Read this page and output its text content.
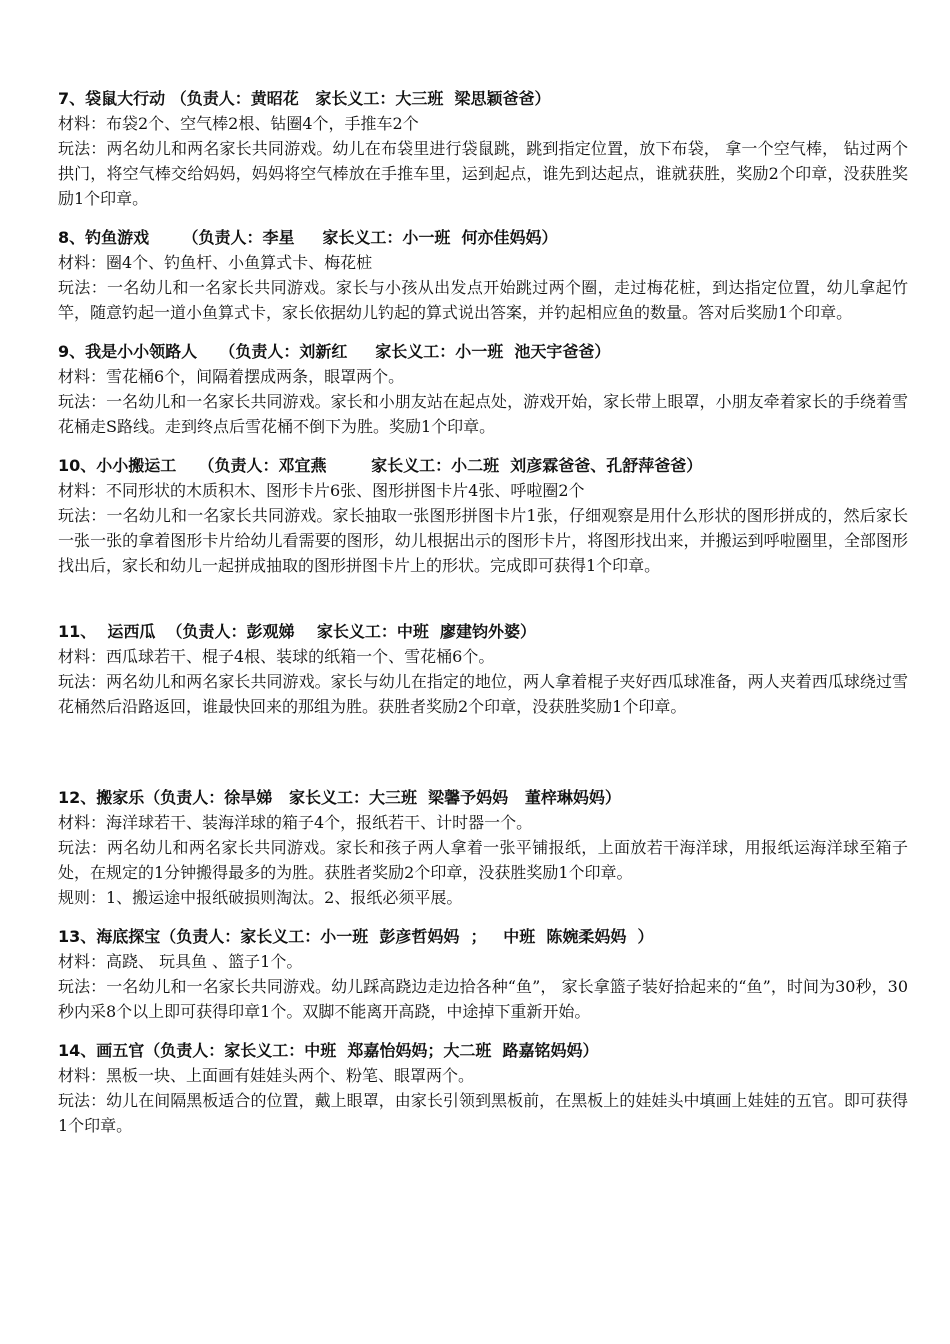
7、袋鼠大行动 （负责人：黄昭花   家长义工：大三班  梁思颖爸爸）
材料：布袋2个、空气棒2根、钻圈4个，手推车2个
玩法：两名幼儿和两名家长共同游戏。幼儿在布袋里进行袋鼠跳，跳到指定位置，放下布袋， 拿一个空气棒， 钻过两个拱门，将空气棒交给妈妈，妈妈将空气棒放在手推车里，运到起点，谁先到达起点，谁就获胜，奖励2个印章，没获胜奖励1个印章。
8、钓鱼游戏      （负责人：李星     家长义工：小一班  何亦佳妈妈）
材料：圈4个、钓鱼杆、小鱼算式卡、梅花桩
玩法：一名幼儿和一名家长共同游戏。家长与小孩从出发点开始跳过两个圈，走过梅花桩，到达指定位置，幼儿拿起竹竿，随意钓起一道小鱼算式卡，家长依据幼儿钓起的算式说出答案，并钓起相应鱼的数量。答对后奖励1个印章。
9、我是小小领路人    （负责人：刘新红     家长义工：小一班  池天宇爸爸）
材料：雪花桶6个，间隔着摆成两条，眼罩两个。
玩法：一名幼儿和一名家长共同游戏。家长和小朋友站在起点处，游戏开始，家长带上眼罩，小朋友牵着家长的手绕着雪花桶走S路线。走到终点后雪花桶不倒下为胜。奖励1个印章。
10、小小搬运工    （负责人：邓宜燕        家长义工：小二班  刘彦霖爸爸、孔舒萍爸爸）
材料：不同形状的木质积木、图形卡片6张、图形拼图卡片4张、呼啦圈2个
玩法：一名幼儿和一名家长共同游戏。家长抽取一张图形拼图卡片1张，仔细观察是用什么形状的图形拼成的，然后家长一张一张的拿着图形卡片给幼儿看需要的图形，幼儿根据出示的图形卡片，将图形找出来，并搬运到呼啦圈里，全部图形找出后，家长和幼儿一起拼成抽取的图形拼图卡片上的形状。完成即可获得1个印章。
11、  运西瓜  （负责人：彭观娣    家长义工：中班  廖建钧外婆）
材料：西瓜球若干、棍子4根、装球的纸箱一个、雪花桶6个。
玩法：两名幼儿和两名家长共同游戏。家长与幼儿在指定的地位，两人拿着棍子夹好西瓜球准备，两人夹着西瓜球绕过雪花桶然后沿路返回，谁最快回来的那组为胜。获胜者奖励2个印章，没获胜奖励1个印章。
12、搬家乐（负责人：徐旱娣   家长义工：大三班  梁馨予妈妈   董梓琳妈妈）
材料：海洋球若干、装海洋球的箱子4个，报纸若干、计时器一个。
玩法：两名幼儿和两名家长共同游戏。家长和孩子两人拿着一张平铺报纸，上面放若干海洋球，用报纸运海洋球至箱子处，在规定的1分钟搬得最多的为胜。获胜者奖励2个印章，没获胜奖励1个印章。
规则：1、搬运途中报纸破损则淘汰。2、报纸必须平展。
13、海底探宝（负责人：家长义工：小一班  彭彦哲妈妈  ；   中班  陈婉柔妈妈  ）
材料：高跷、 玩具鱼 、篮子1个。
玩法：一名幼儿和一名家长共同游戏。幼儿踩高跷边走边拾各种“鱼”， 家长拿篮子装好拾起来的“鱼”，时间为30秒，30秒内采8个以上即可获得印章1个。双脚不能离开高跷，中途掉下重新开始。
14、画五官（负责人：家长义工：中班  郑嘉怡妈妈；大二班  路嘉铭妈妈）
材料：黑板一块、上面画有娃娃头两个、粉笔、眼罩两个。
玩法：幼儿在间隔黑板适合的位置，戴上眼罩，由家长引领到黑板前，在黑板上的娃娃头中填画上娃娃的五官。即可获得1个印章。
